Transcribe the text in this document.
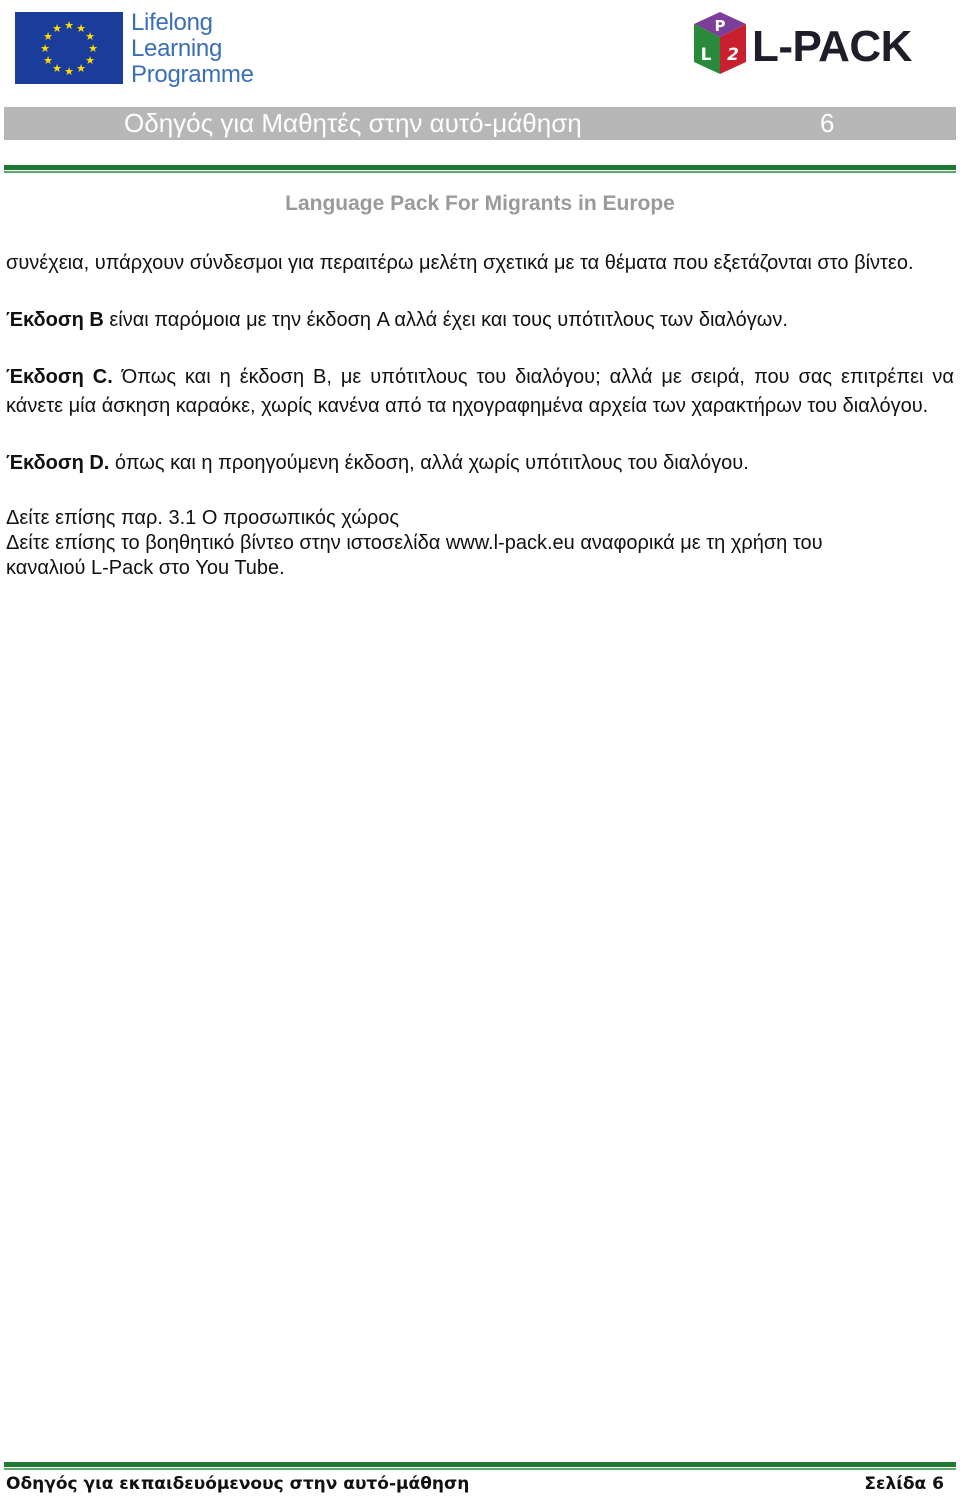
★ ★
★
★
★
★
★
★
★
★
★
★	Lifelong
Learning
Programme
P
L 2 L-PACK
Οδηγός για Μαθητές στην αυτό-μάθηση	6
Language Pack For Migrants in Europe

συνέχεια, υπάρχουν σύνδεσμοι για περαιτέρω μελέτη σχετικά με τα θέματα που εξετάζονται στο βίντεο.

Έκδοση B είναι παρόμοια με την έκδοση A αλλά έχει και τους υπότιτλους των διαλόγων.

Έκδοση C. Όπως και η έκδοση B, με υπότιτλους του διαλόγου; αλλά με σειρά, που σας επιτρέπει να κάνετε μία άσκηση καραόκε, χωρίς κανένα από τα ηχογραφημένα αρχεία των χαρακτήρων του διαλόγου.

Έκδοση D. όπως και η προηγούμενη έκδοση, αλλά χωρίς υπότιτλους του διαλόγου.

Δείτε επίσης παρ. 3.1 Ο προσωπικός χώρος
Δείτε επίσης το βοηθητικό βίντεο στην ιστοσελίδα www.l-pack.eu αναφορικά με τη χρήση του
καναλιού L-Pack στο You Tube.
Οδηγός για εκπαιδευόμενους στην αυτό-μάθηση	Σελίδα 6
